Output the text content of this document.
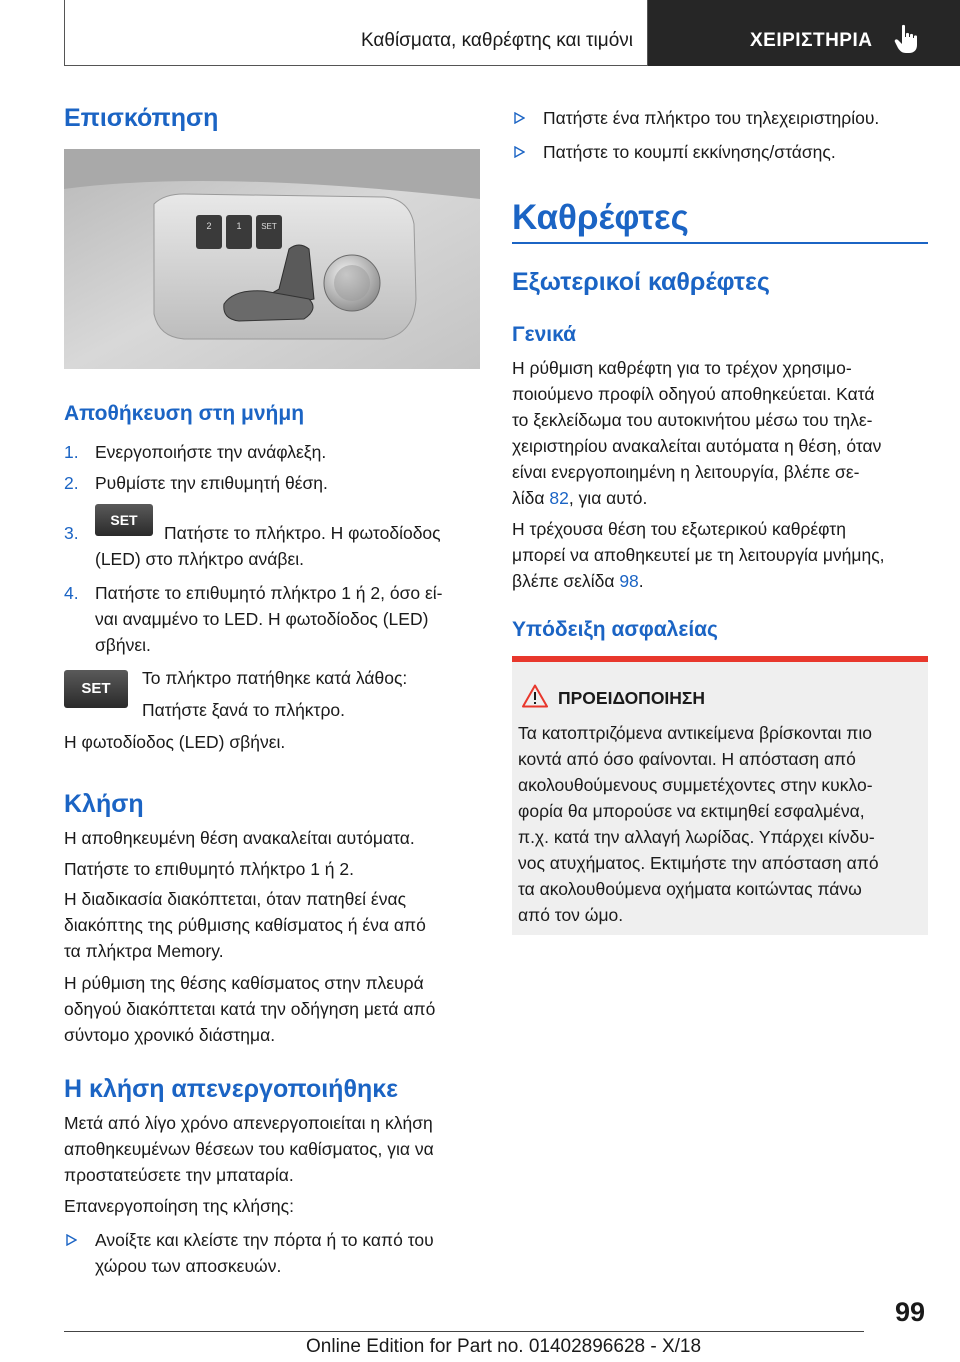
Καθίσματα, καθρέφτης και τιμόνι	ΧΕΙΡΙΣΤΗΡΙΑ
Επισκόπηση
2	1 SET
Αποθήκευση στη μνήμη
1. Ενεργοποιήστε την ανάφλεξη.
2. Ρυθμίστε την επιθυμητή θέση.
3.
SET
Πατήστε το πλήκτρο. Η φωτοδίοδος
(LED) στο πλήκτρο ανάβει.
4. Πατήστε το επιθυμητό πλήκτρο 1 ή 2, όσο εί-
ναι αναμμένο το LED. Η φωτοδίοδος (LED)
σβήνει.
SET
Το πλήκτρο πατήθηκε κατά λάθος:
Πατήστε ξανά το πλήκτρο.
Η φωτοδίοδος (LED) σβήνει.
Κλήση
Η αποθηκευμένη θέση ανακαλείται αυτόματα.
Πατήστε το επιθυμητό πλήκτρο 1 ή 2.
Η διαδικασία διακόπτεται, όταν πατηθεί ένας
διακόπτης της ρύθμισης καθίσματος ή ένα από
τα πλήκτρα Memory.
Η ρύθμιση της θέσης καθίσματος στην πλευρά
οδηγού διακόπτεται κατά την οδήγηση μετά από
σύντομο χρονικό διάστημα.
Η κλήση απενεργοποιήθηκε
Μετά από λίγο χρόνο απενεργοποιείται η κλήση
αποθηκευμένων θέσεων του καθίσματος, για να
προστατεύσετε την μπαταρία.
Επανεργοποίηση της κλήσης:
Ανοίξτε και κλείστε την πόρτα ή το καπό του
χώρου των αποσκευών.
Πατήστε ένα πλήκτρο του τηλεχειριστηρίου.
Πατήστε το κουμπί εκκίνησης/στάσης.
Καθρέφτες
Εξωτερικοί καθρέφτες
Γενικά
Η ρύθμιση καθρέφτη για το τρέχον χρησιμο-
ποιούμενο προφίλ οδηγού αποθηκεύεται. Κατά
το ξεκλείδωμα του αυτοκινήτου μέσω του τηλε-
χειριστηρίου ανακαλείται αυτόματα η θέση, όταν
είναι ενεργοποιημένη η λειτουργία, βλέπε σε-
λίδα 82, για αυτό.
Η τρέχουσα θέση του εξωτερικού καθρέφτη
μπορεί να αποθηκευτεί με τη λειτουργία μνήμης,
βλέπε σελίδα 98.
Υπόδειξη ασφαλείας
ΠΡΟΕΙΔΟΠΟΙΗΣΗ
Τα κατοπτριζόμενα αντικείμενα βρίσκονται πιο
κοντά από όσο φαίνονται. Η απόσταση από
ακολουθούμενους συμμετέχοντες στην κυκλο-
φορία θα μπορούσε να εκτιμηθεί εσφαλμένα,
π.χ. κατά την αλλαγή λωρίδας. Υπάρχει κίνδυ-
νος ατυχήματος. Εκτιμήστε την απόσταση από
τα ακολουθούμενα οχήματα κοιτώντας πάνω
από τον ώμο.
99
Online Edition for Part no. 01402896628 - X/18
